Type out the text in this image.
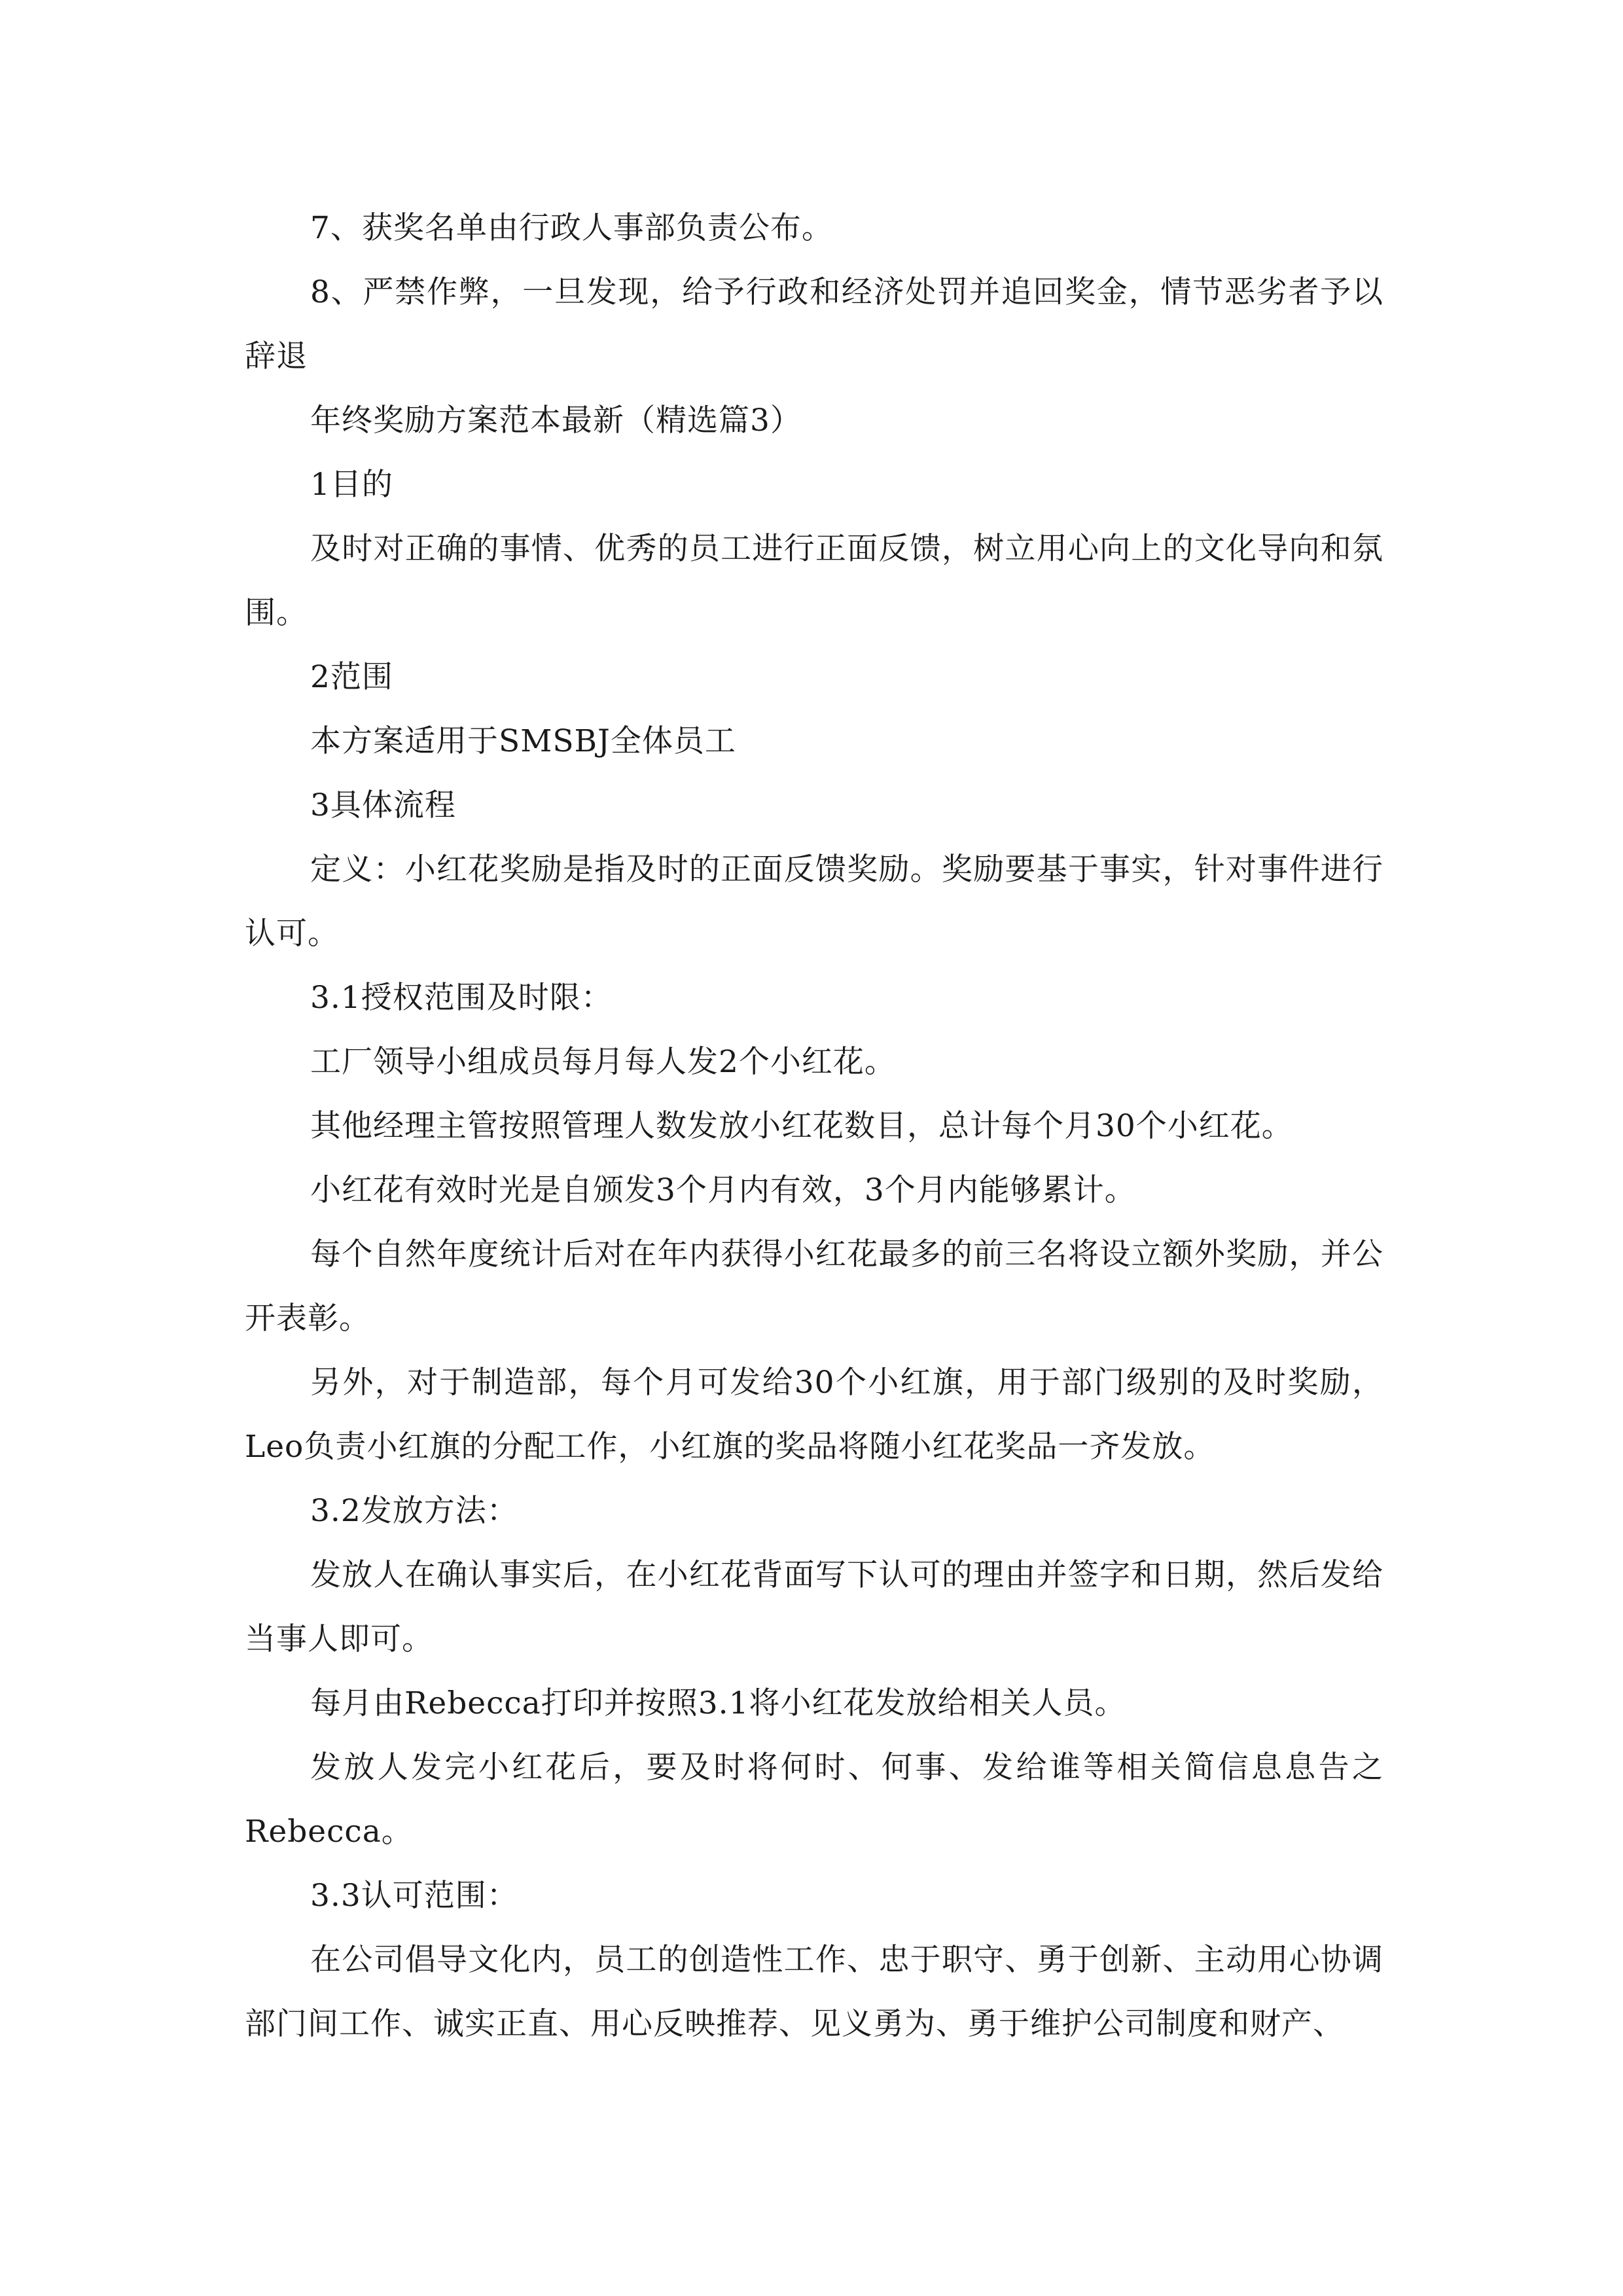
7、获奖名单由行政人事部负责公布。

8、严禁作弊，一旦发现，给予行政和经济处罚并追回奖金，情节恶劣者予以辞退

年终奖励方案范本最新（精选篇3）

1目的

及时对正确的事情、优秀的员工进行正面反馈，树立用心向上的文化导向和氛围。

2范围

本方案适用于SMSBJ全体员工

3具体流程

定义：小红花奖励是指及时的正面反馈奖励。奖励要基于事实，针对事件进行认可。

3.1授权范围及时限：

工厂领导小组成员每月每人发2个小红花。

其他经理主管按照管理人数发放小红花数目，总计每个月30个小红花。

小红花有效时光是自颁发3个月内有效，3个月内能够累计。

每个自然年度统计后对在年内获得小红花最多的前三名将设立额外奖励，并公开表彰。

另外，对于制造部，每个月可发给30个小红旗，用于部门级别的及时奖励，Leo负责小红旗的分配工作，小红旗的奖品将随小红花奖品一齐发放。

3.2发放方法：

发放人在确认事实后，在小红花背面写下认可的理由并签字和日期，然后发给当事人即可。

每月由Rebecca打印并按照3.1将小红花发放给相关人员。

发放人发完小红花后，要及时将何时、何事、发给谁等相关简信息息告之Rebecca。

3.3认可范围：

在公司倡导文化内，员工的创造性工作、忠于职守、勇于创新、主动用心协调部门间工作、诚实正直、用心反映推荐、见义勇为、勇于维护公司制度和财产、
